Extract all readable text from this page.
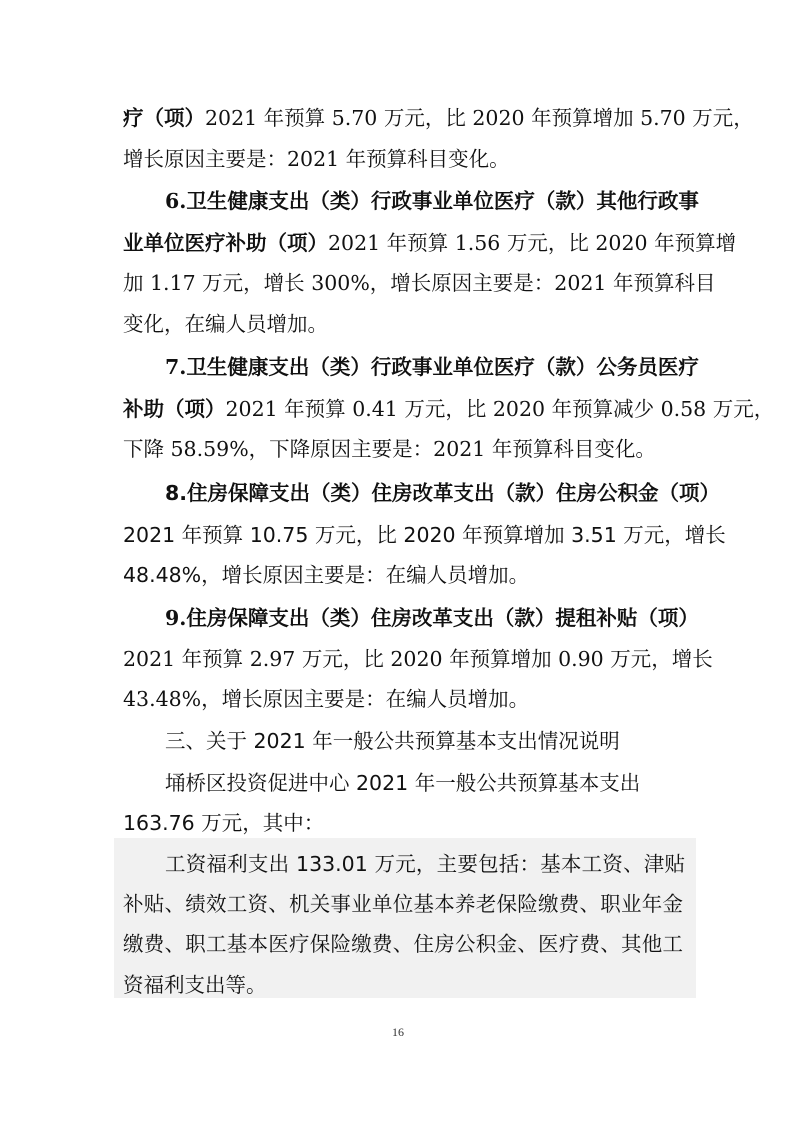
疗（项）2021 年预算 5.70 万元，比 2020 年预算增加 5.70 万元，
增长原因主要是：2021 年预算科目变化。
6.卫生健康支出（类）行政事业单位医疗（款）其他行政事
业单位医疗补助（项）2021 年预算 1.56 万元，比 2020 年预算增
加 1.17 万元，增长 300%，增长原因主要是：2021 年预算科目
变化，在编人员增加。
7.卫生健康支出（类）行政事业单位医疗（款）公务员医疗
补助（项）2021 年预算 0.41 万元，比 2020 年预算减少 0.58 万元，
下降 58.59%，下降原因主要是：2021 年预算科目变化。
8.住房保障支出（类）住房改革支出（款）住房公积金（项）
2021 年预算 10.75 万元，比 2020 年预算增加 3.51 万元，增长
48.48%，增长原因主要是：在编人员增加。
9.住房保障支出（类）住房改革支出（款）提租补贴（项）
2021 年预算 2.97 万元，比 2020 年预算增加 0.90 万元，增长
43.48%，增长原因主要是：在编人员增加。
三、关于 2021 年一般公共预算基本支出情况说明
埇桥区投资促进中心 2021 年一般公共预算基本支出
163.76 万元，其中：
工资福利支出 133.01 万元，主要包括：基本工资、津贴
补贴、绩效工资、机关事业单位基本养老保险缴费、职业年金
缴费、职工基本医疗保险缴费、住房公积金、医疗费、其他工
资福利支出等。
16
